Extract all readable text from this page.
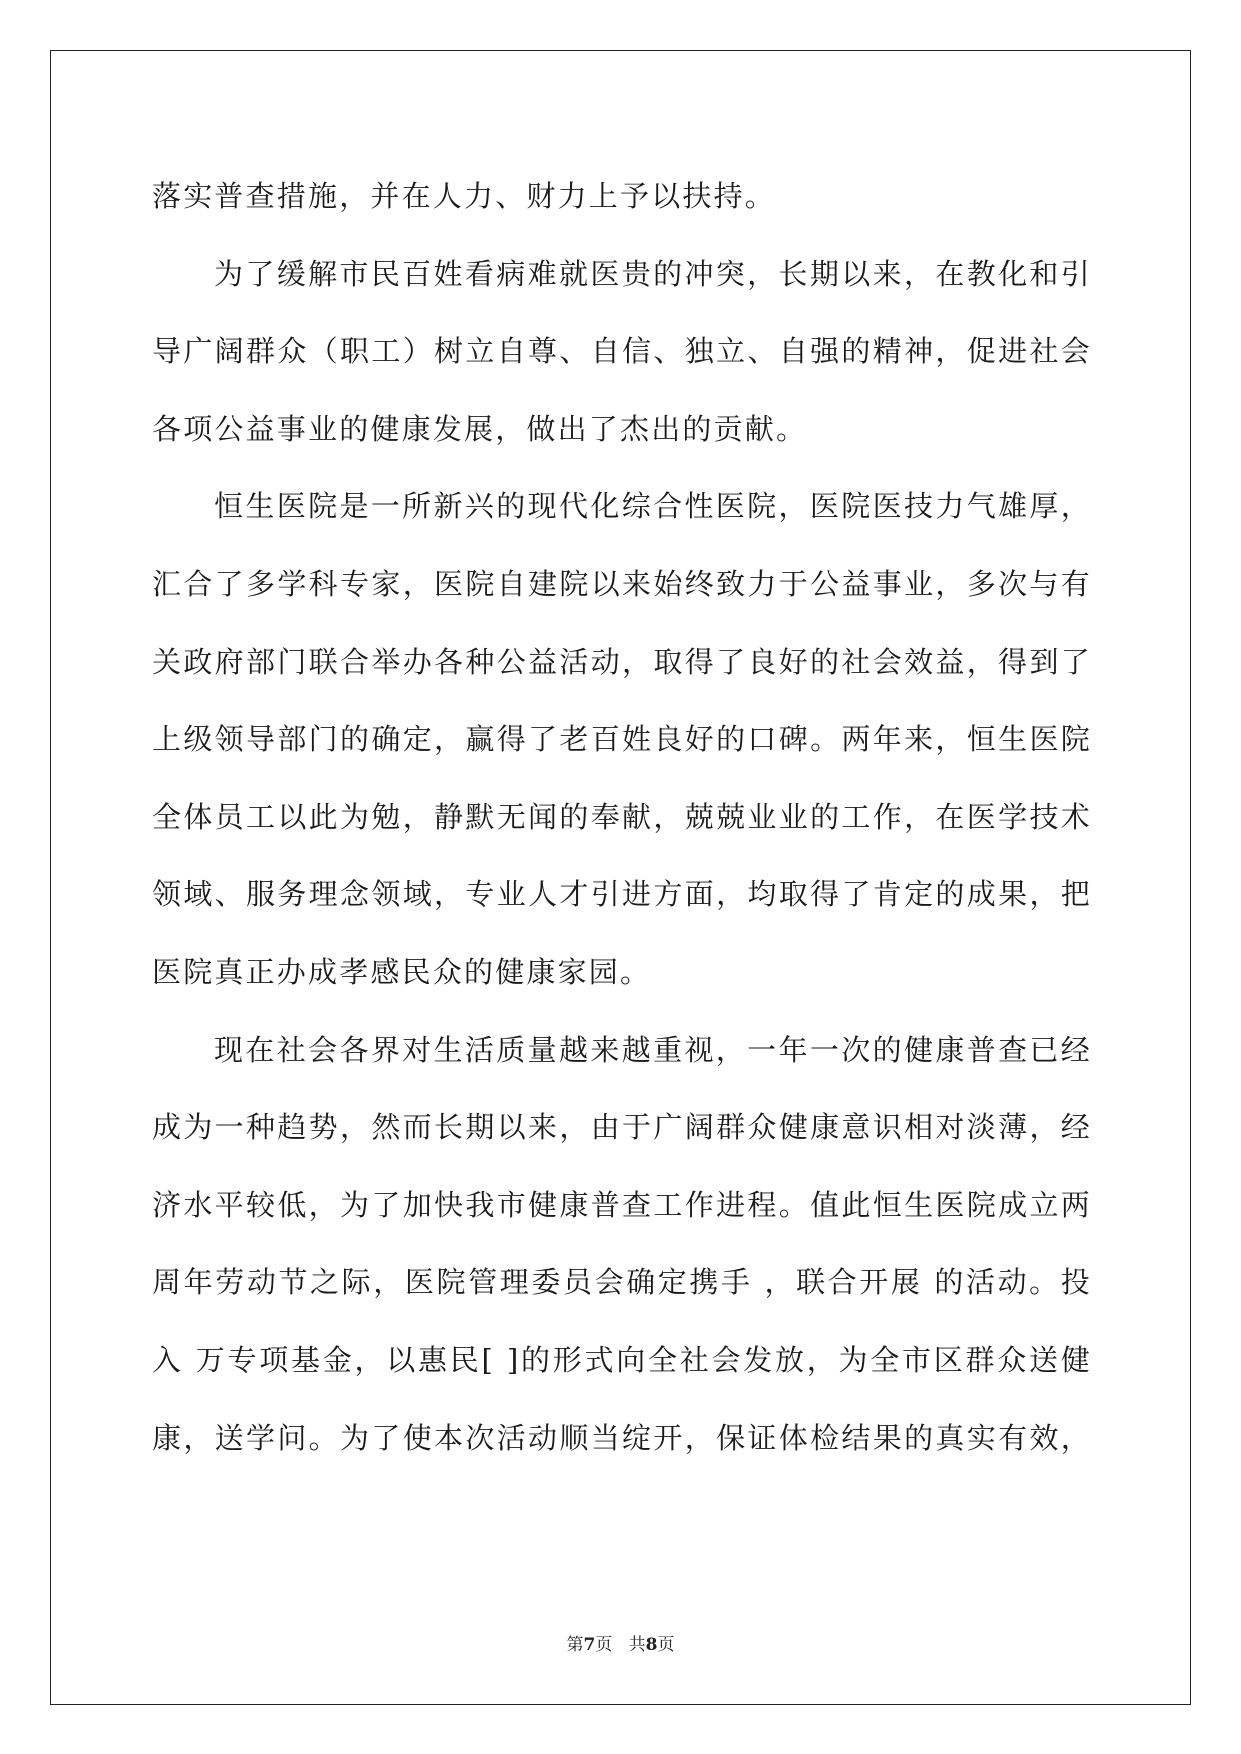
落实普查措施，并在人力、财力上予以扶持。
为了缓解市民百姓看病难就医贵的冲突，长期以来，在教化和引
导广阔群众（职工）树立自尊、自信、独立、自强的精神，促进社会
各项公益事业的健康发展，做出了杰出的贡献。
恒生医院是一所新兴的现代化综合性医院，医院医技力气雄厚，
汇合了多学科专家，医院自建院以来始终致力于公益事业，多次与有
关政府部门联合举办各种公益活动，取得了良好的社会效益，得到了
上级领导部门的确定，赢得了老百姓良好的口碑。两年来，恒生医院
全体员工以此为勉，静默无闻的奉献，兢兢业业的工作，在医学技术
领域、服务理念领域，专业人才引进方面，均取得了肯定的成果，把
医院真正办成孝感民众的健康家园。
现在社会各界对生活质量越来越重视，一年一次的健康普查已经
成为一种趋势，然而长期以来，由于广阔群众健康意识相对淡薄，经
济水平较低，为了加快我市健康普查工作进程。值此恒生医院成立两
周年劳动节之际，医院管理委员会确定携手 ，联合开展 的活动。投
入 万专项基金，以惠民[ ]的形式向全社会发放，为全市区群众送健
康，送学问。为了使本次活动顺当绽开，保证体检结果的真实有效，
第7页 共8页
